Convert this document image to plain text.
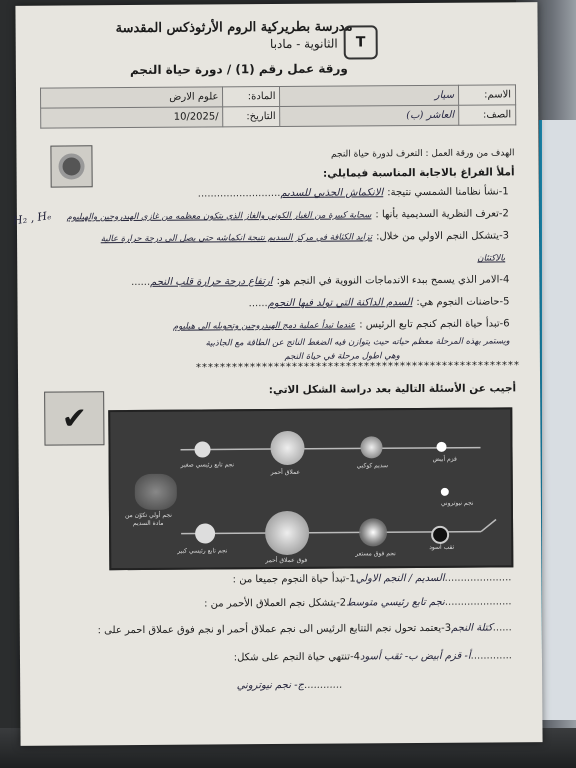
مدرسة بطريركية الروم الأرثوذكس المقدسة
الثانوية - مادبا	T
ورقة عمل رقم (1) / دورة حياة النجم
الاسم:	سيار	المادة:	علوم الارض
الصف:	العاشر (ب)	التاريخ:	/10/2025
الهدف من ورقة العمل : التعرف لدورة حياة النجم
أملأ الفراغ بالاجابة المناسبة فيمايلي:
1-نشأ نظامنا الشمسي نتيجة:الانكماش الجذبي للسديم..........................
2-تعرف النظرية السديمية بأنها :سحابة كبيرة من الغبار الكوني والغاز الذي يتكون معظمه من غازي الهيدروجين والهيليوم
3-يتشكل النجم الاولي من خلال:تزايد الكثافة في مركز السديم نتيجة انكماشه حتى يصل الى درجة حرارة عالية
بالاكتئان
4-الامر الذي يسمح ببدء الاندماجات النووية في النجم هو:ارتفاع درجة حرارة قلب النجم......
5-حاضنات النجوم هي:السدم الداكنة التي تولد فيها النجوم......
6-تبدأ حياة النجم كنجم تابع الرئيس :عندما تبدأ عملية دمج الهيدروجين وتحويله الى هيليوم
ويستمر بهذه المرحلة معظم حياته حيث يتوازن فيه الضغط الناتج عن الطاقة مع الجاذبية
وهي اطول مرحلة في حياة النجم
H₂ , Hₑ
******************************************************
أجيب عن الأسئلة التالية بعد دراسة الشكل الاتي:
✔
نجم تابع رئيسي صغير
عملاق أحمر
سديم كوكبي
قزم أبيض
نجم أولي تكوّن من
مادة السديم
نجم تابع رئيسي كبير
فوق عملاق أحمر
نجم فوق مستعر
نجم نيوتروني
ثقب أسود
.....................السديم / النجم الاولي1-تبدأ حياة النجوم جميعا من :
.....................نجم تابع رئيسي متوسط2-يتشكل نجم العملاق الأحمر من :
......كتلة النجم3-يعتمد تحول نجم التتابع الرئيس الى نجم عملاق أحمر او نجم فوق عملاق احمر على :
.............أ- قزم أبيض ب- ثقب أسود4-تنتهي حياة النجم على شكل:
............ج- نجم نيوتروني
